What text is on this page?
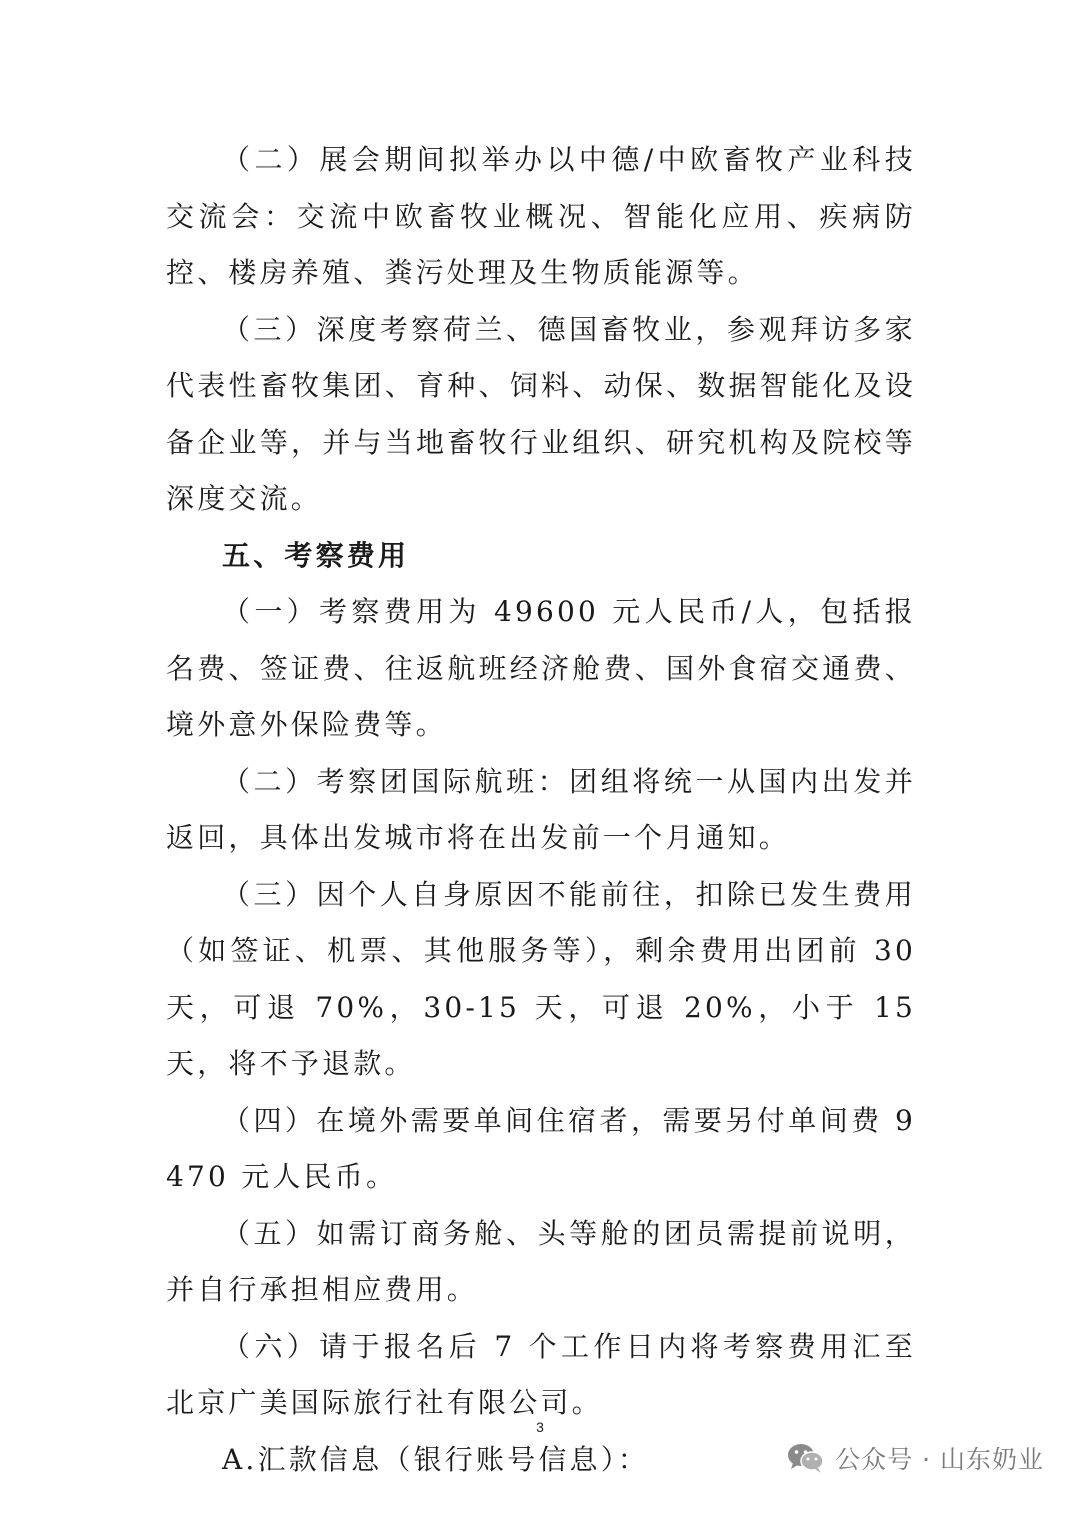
（二）展会期间拟举办以中德/中欧畜牧产业科技交流会：交流中欧畜牧业概况、智能化应用、疾病防控、楼房养殖、粪污处理及生物质能源等。

（三）深度考察荷兰、德国畜牧业，参观拜访多家代表性畜牧集团、育种、饲料、动保、数据智能化及设备企业等，并与当地畜牧行业组织、研究机构及院校等深度交流。

五、考察费用

（一）考察费用为 49600 元人民币/人，包括报名费、签证费、往返航班经济舱费、国外食宿交通费、境外意外保险费等。

（二）考察团国际航班：团组将统一从国内出发并返回，具体出发城市将在出发前一个月通知。

（三）因个人自身原因不能前往，扣除已发生费用（如签证、机票、其他服务等），剩余费用出团前 30 天，可退 70%，30-15 天，可退 20%，小于 15 天，将不予退款。

（四）在境外需要单间住宿者，需要另付单间费 9470 元人民币。

（五）如需订商务舱、头等舱的团员需提前说明，并自行承担相应费用。

（六）请于报名后 7 个工作日内将考察费用汇至北京广美国际旅行社有限公司。

A.汇款信息（银行账号信息）：

3
公众号 · 山东奶业
